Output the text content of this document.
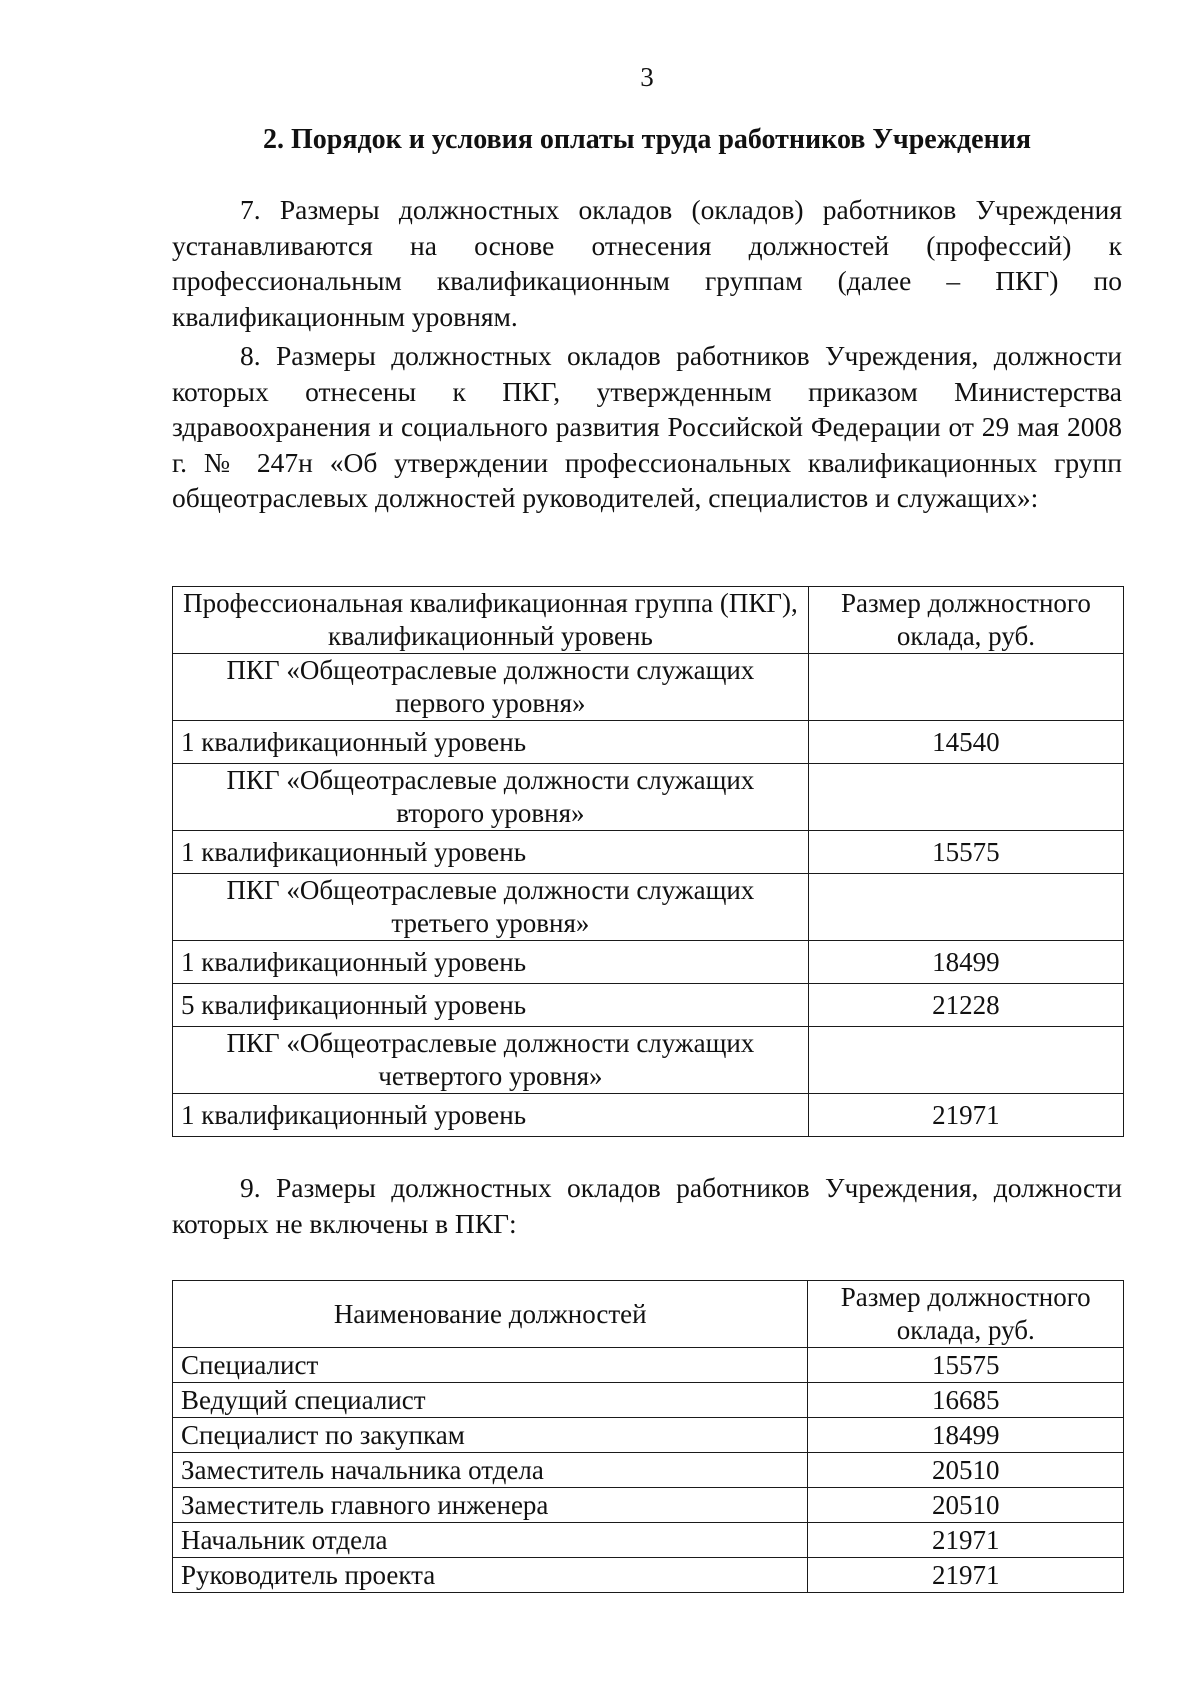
3
2. Порядок и условия оплаты труда работников Учреждения

7. Размеры должностных окладов (окладов) работников Учреждения устанавливаются на основе отнесения должностей (профессий) к профессиональным квалификационным группам (далее – ПКГ) по квалификационным уровням.

8. Размеры должностных окладов работников Учреждения, должности которых отнесены к ПКГ, утвержденным приказом Министерства здравоохранения и социального развития Российской Федерации от 29 мая 2008 г. № 247н «Об утверждении профессиональных квалификационных групп общеотраслевых должностей руководителей, специалистов и служащих»:

Профессиональная квалификационная группа (ПКГ), квалификационный уровень	Размер должностного оклада, руб.
ПКГ «Общеотраслевые должности служащих первого уровня»	
1 квалификационный уровень	14540
ПКГ «Общеотраслевые должности служащих второго уровня»	
1 квалификационный уровень	15575
ПКГ «Общеотраслевые должности служащих третьего уровня»	
1 квалификационный уровень	18499
5 квалификационный уровень	21228
ПКГ «Общеотраслевые должности служащих четвертого уровня»	
1 квалификационный уровень	21971

9. Размеры должностных окладов работников Учреждения, должности которых не включены в ПКГ:

Наименование должностей	Размер должностного оклада, руб.
Специалист	15575
Ведущий специалист	16685
Специалист по закупкам	18499
Заместитель начальника отдела	20510
Заместитель главного инженера	20510
Начальник отдела	21971
Руководитель проекта	21971
